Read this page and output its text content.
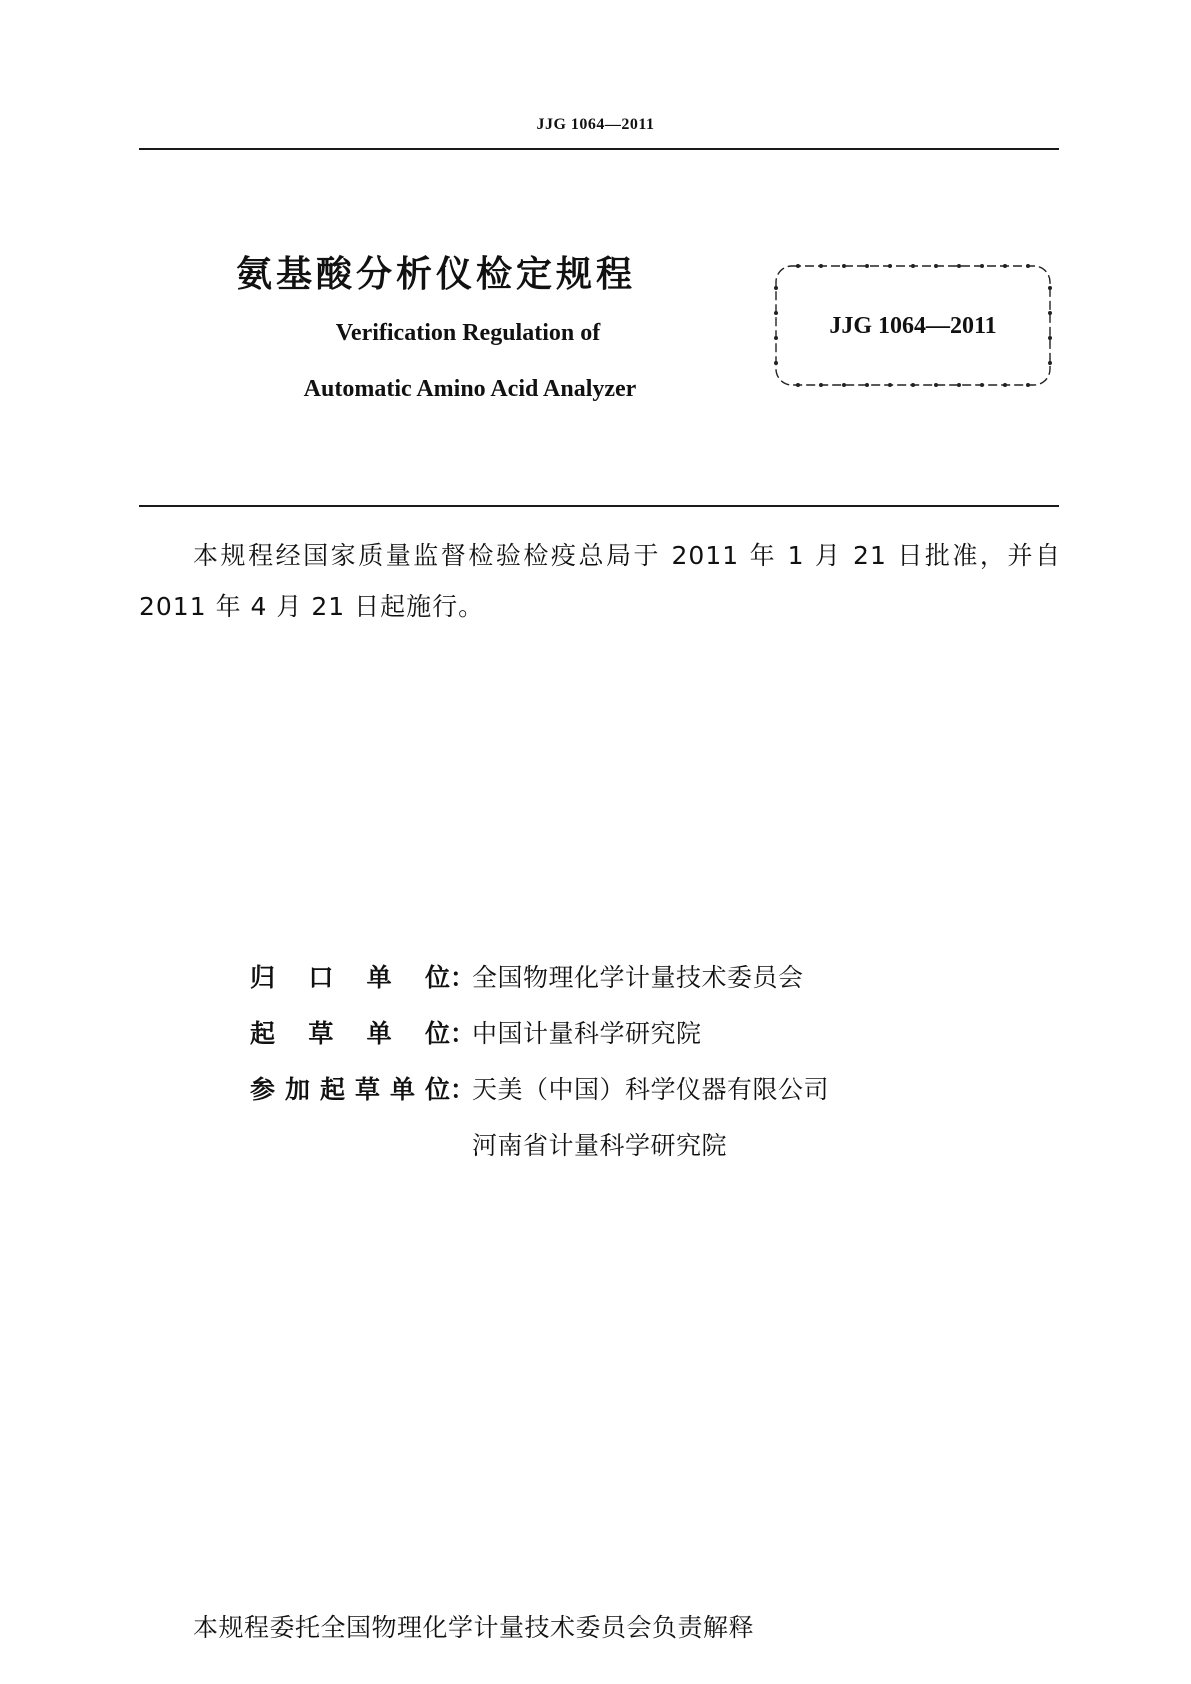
JJG 1064—2011
氨基酸分析仪检定规程
Verification Regulation of
Automatic Amino Acid Analyzer
JJG 1064—2011
本规程经国家质量监督检验检疫总局于 2011 年 1 月 21 日批准，并自 2011 年 4 月 21 日起施行。
归口单位：全国物理化学计量技术委员会
起草单位：中国计量科学研究院
参加起草单位：天美（中国）科学仪器有限公司
河南省计量科学研究院
本规程委托全国物理化学计量技术委员会负责解释
